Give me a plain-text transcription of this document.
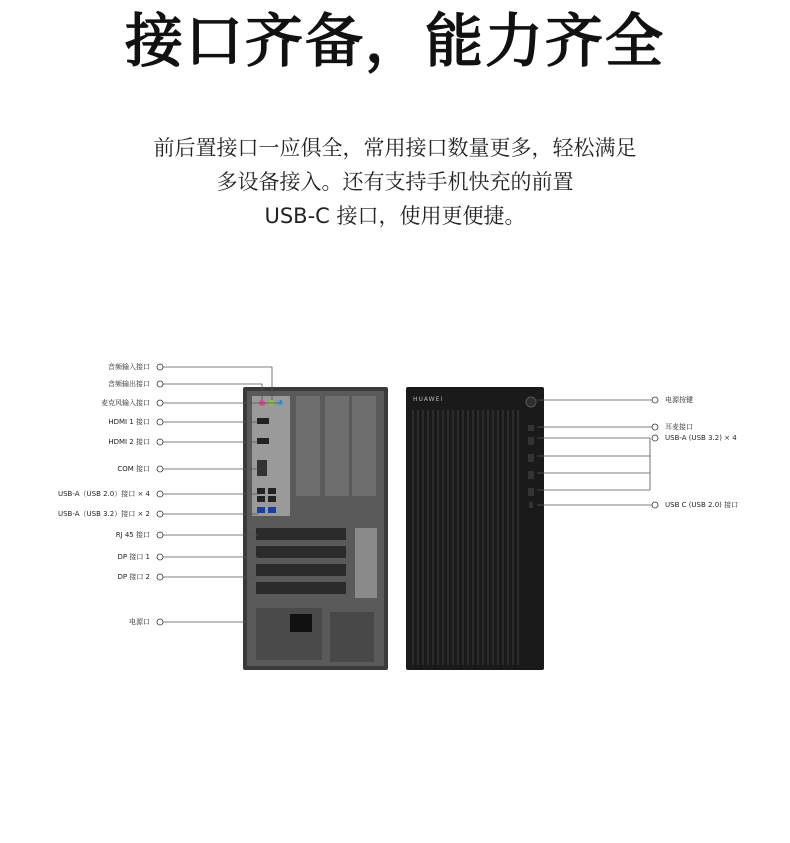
接口齐备，能力齐全
前后置接口一应俱全，常用接口数量更多，轻松满足
多设备接入。还有支持手机快充的前置
USB-C 接口，使用更便捷。
HUAWEI
音频输入接口
音频输出接口
麦克风输入接口
HDMI 1 接口
HDMI 2 接口
COM 接口
USB-A（USB 2.0）接口 × 4
USB-A（USB 3.2）接口 × 2
RJ 45 接口
DP 接口 1
DP 接口 2
电源口
电源按键
耳麦接口
USB-A (USB 3.2) × 4
USB C (USB 2.0) 接口
